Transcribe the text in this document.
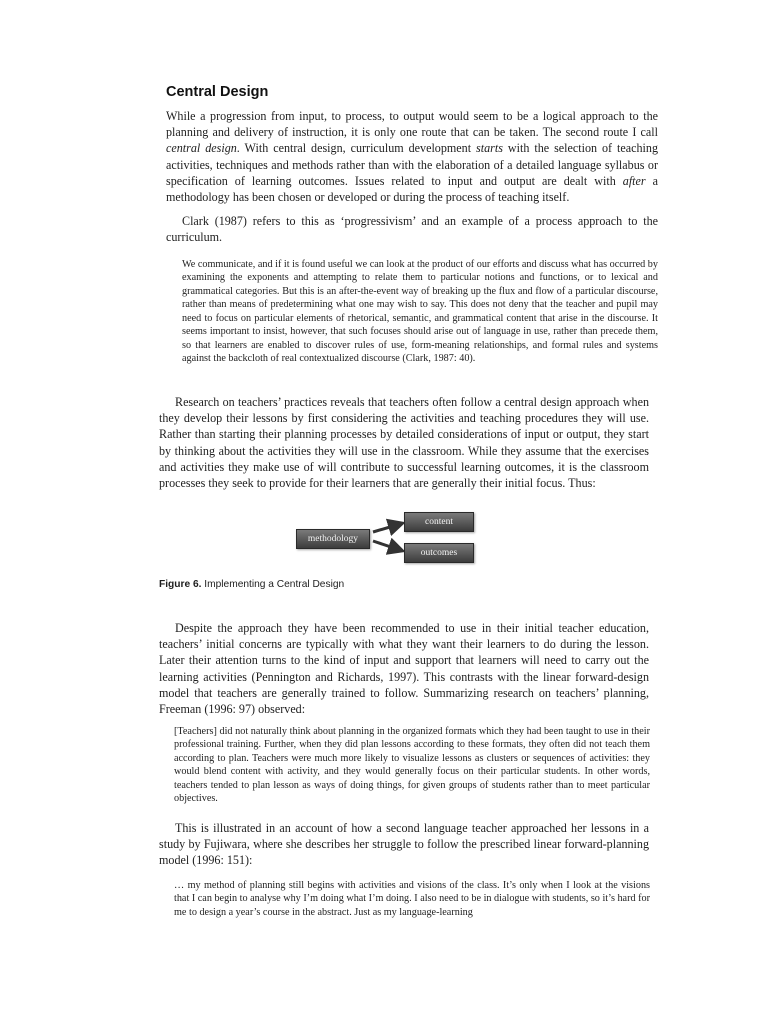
Central Design

While a progression from input, to process, to output would seem to be a logical approach to the planning and delivery of instruction, it is only one route that can be taken. The second route I call central design. With central design, curriculum development starts with the selection of teaching activities, techniques and methods rather than with the elaboration of a detailed language syllabus or specification of learning outcomes. Issues related to input and output are dealt with after a methodology has been chosen or developed or during the process of teaching itself.

Clark (1987) refers to this as ‘progressivism’ and an example of a process approach to the curriculum.

We communicate, and if it is found useful we can look at the product of our efforts and discuss what has occurred by examining the exponents and attempting to relate them to particular notions and functions, or to lexical and grammatical categories. But this is an after-the-event way of breaking up the flux and flow of a particular discourse, rather than means of predetermining what one may wish to say. This does not deny that the teacher and pupil may need to focus on particular elements of rhetorical, semantic, and grammatical content that arise in the discourse. It seems important to insist, however, that such focuses should arise out of language in use, rather than precede them, so that learners are enabled to discover rules of use, form-meaning relationships, and formal rules and systems against the backcloth of real contextualized discourse (Clark, 1987: 40).

Research on teachers’ practices reveals that teachers often follow a central design approach when they develop their lessons by first considering the activities and teaching procedures they will use. Rather than starting their planning processes by detailed considerations of input or output, they start by thinking about the activities they will use in the classroom. While they assume that the exercises and activities they make use of will contribute to successful learning outcomes, it is the classroom processes they seek to provide for their learners that are generally their initial focus. Thus:

methodology
content
outcomes
Figure 6. Implementing a Central Design

Despite the approach they have been recommended to use in their initial teacher education, teachers’ initial concerns are typically with what they want their learners to do during the lesson. Later their attention turns to the kind of input and support that learners will need to carry out the learning activities (Pennington and Richards, 1997). This contrasts with the linear forward-design model that teachers are generally trained to follow. Summarizing research on teachers’ planning, Freeman (1996: 97) observed:

[Teachers] did not naturally think about planning in the organized formats which they had been taught to use in their professional training. Further, when they did plan lessons according to these formats, they often did not teach them according to plan. Teachers were much more likely to visualize lessons as clusters or sequences of activities: they would blend content with activity, and they would generally focus on their particular students. In other words, teachers tended to plan lesson as ways of doing things, for given groups of students rather than to meet particular objectives.

This is illustrated in an account of how a second language teacher approached her lessons in a study by Fujiwara, where she describes her struggle to follow the prescribed linear forward-planning model (1996: 151):

… my method of planning still begins with activities and visions of the class. It’s only when I look at the visions that I can begin to analyse why I’m doing what I’m doing. I also need to be in dialogue with students, so it’s hard for me to design a year’s course in the abstract. Just as my language-learning
